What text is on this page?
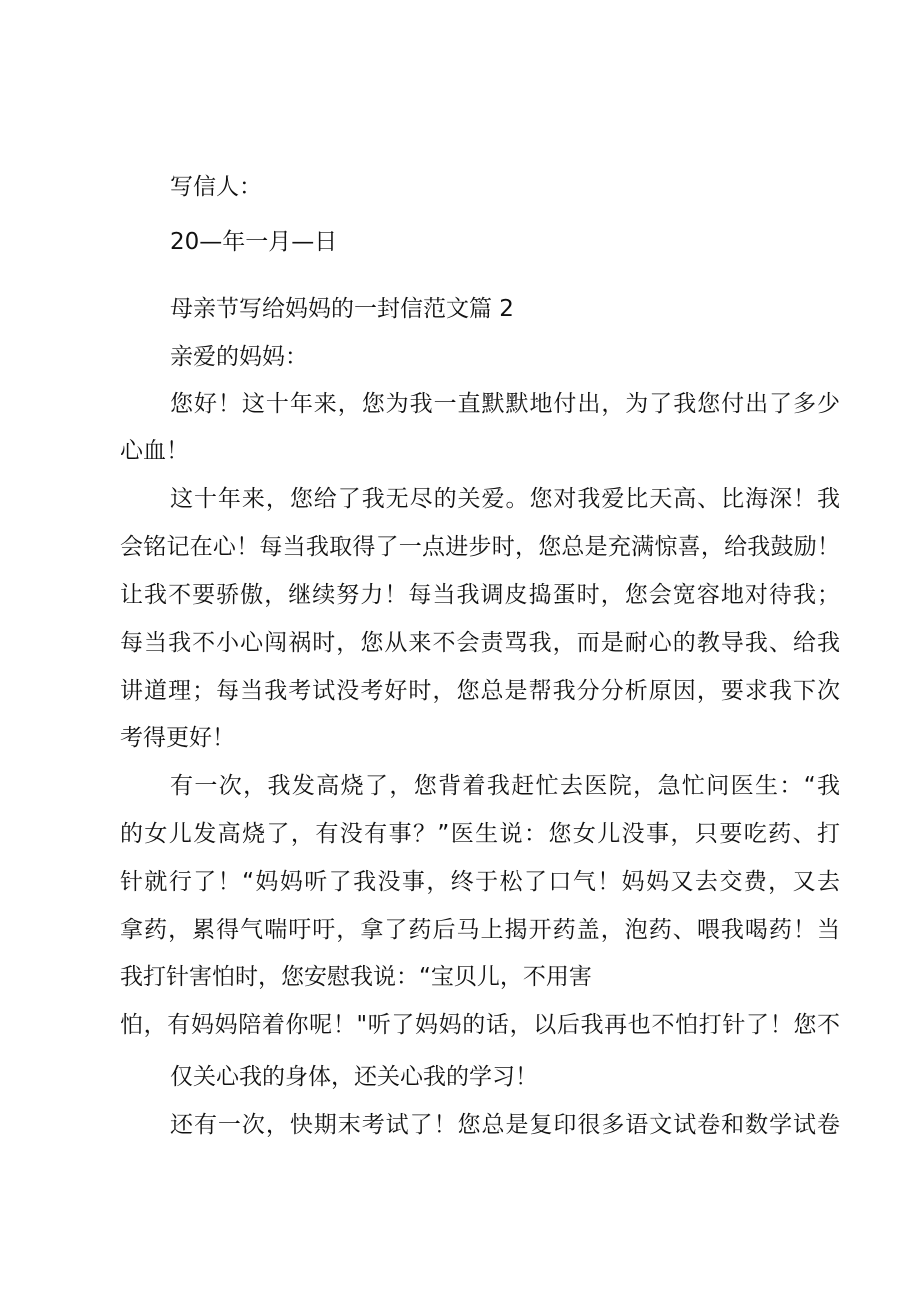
写信人：
20—年一月—日
母亲节写给妈妈的一封信范文篇 2
亲爱的妈妈：
您好！这十年来，您为我一直默默地付出，为了我您付出了多少
心血！
这十年来，您给了我无尽的关爱。您对我爱比天高、比海深！我
会铭记在心！每当我取得了一点进步时，您总是充满惊喜，给我鼓励！
让我不要骄傲，继续努力！每当我调皮捣蛋时，您会宽容地对待我；
每当我不小心闯祸时，您从来不会责骂我，而是耐心的教导我、给我
讲道理；每当我考试没考好时，您总是帮我分分析原因，要求我下次
考得更好！
有一次，我发高烧了，您背着我赶忙去医院，急忙问医生：“我
的女儿发高烧了，有没有事？”医生说：您女儿没事，只要吃药、打
针就行了！“妈妈听了我没事，终于松了口气！妈妈又去交费，又去
拿药，累得气喘吁吁，拿了药后马上揭开药盖，泡药、喂我喝药！当
我打针害怕时，您安慰我说：“宝贝儿，不用害
怕，有妈妈陪着你呢！"听了妈妈的话，以后我再也不怕打针了！您不
仅关心我的身体，还关心我的学习！
还有一次，快期末考试了！您总是复印很多语文试卷和数学试卷
